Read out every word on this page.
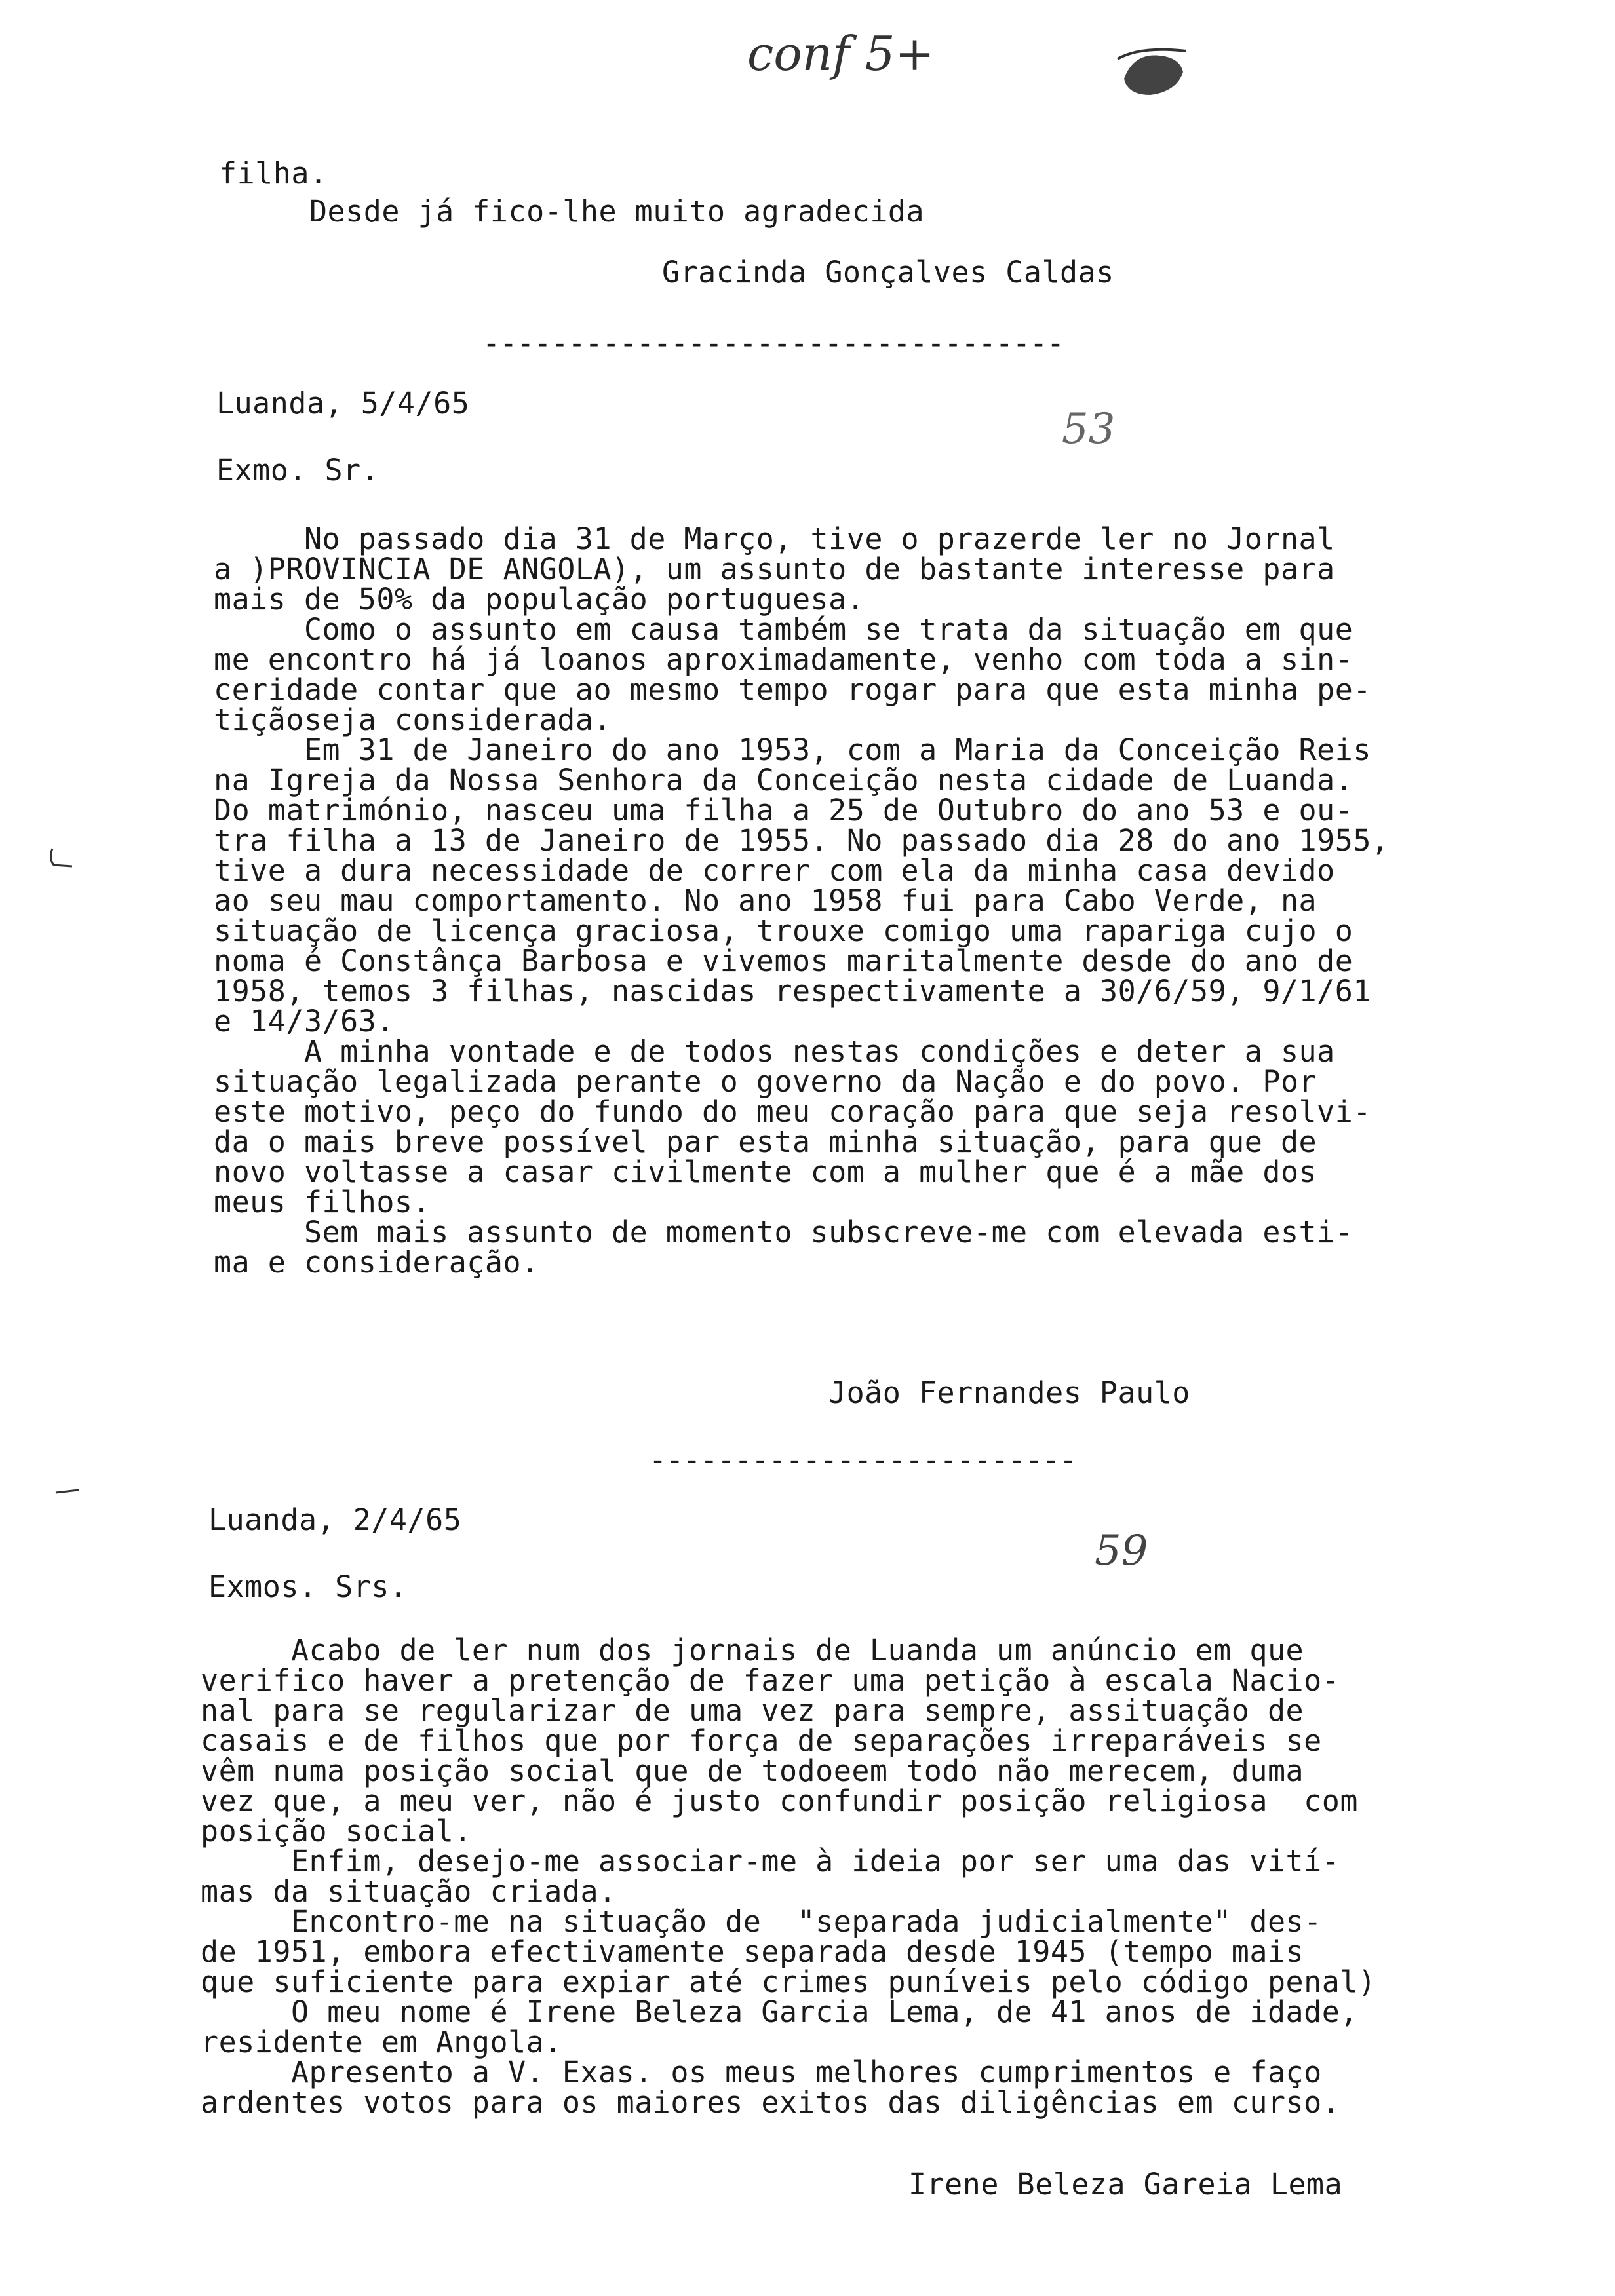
conf 5+
filha.
Desde já fico-lhe muito agradecida
Gracinda Gonçalves Caldas
----------------------------------
Luanda, 5/4/65
53
Exmo. Sr.
No passado dia 31 de Março, tive o prazerde ler no Jornal
a )PROVINCIA DE ANGOLA), um assunto de bastante interesse para
mais de 50% da população portuguesa.
Como o assunto em causa também se trata da situação em que
me encontro há já loanos aproximadamente, venho com toda a sin-
ceridade contar que ao mesmo tempo rogar para que esta minha pe-
tiçãoseja considerada.
Em 31 de Janeiro do ano 1953, com a Maria da Conceição Reis
na Igreja da Nossa Senhora da Conceição nesta cidade de Luanda.
Do matrimónio, nasceu uma filha a 25 de Outubro do ano 53 e ou-
tra filha a 13 de Janeiro de 1955. No passado dia 28 do ano 1955,
tive a dura necessidade de correr com ela da minha casa devido
ao seu mau comportamento. No ano 1958 fui para Cabo Verde, na
situação de licença graciosa, trouxe comigo uma rapariga cujo o
noma é Constânça Barbosa e vivemos maritalmente desde do ano de
1958, temos 3 filhas, nascidas respectivamente a 30/6/59, 9/1/61
e 14/3/63.
A minha vontade e de todos nestas condições e deter a sua
situação legalizada perante o governo da Nação e do povo. Por
este motivo, peço do fundo do meu coração para que seja resolvi-
da o mais breve possível par esta minha situação, para que de
novo voltasse a casar civilmente com a mulher que é a mãe dos
meus filhos.
Sem mais assunto de momento subscreve-me com elevada esti-
ma e consideração.
João Fernandes Paulo
-------------------------
Luanda, 2/4/65
59
Exmos. Srs.
Acabo de ler num dos jornais de Luanda um anúncio em que
verifico haver a pretenção de fazer uma petição à escala Nacio-
nal para se regularizar de uma vez para sempre, assituação de
casais e de filhos que por força de separações irreparáveis se
vêm numa posição social que de todoeem todo não merecem, duma
vez que, a meu ver, não é justo confundir posição religiosa  com
posição social.
Enfim, desejo-me associar-me à ideia por ser uma das vití-
mas da situação criada.
Encontro-me na situação de  "separada judicialmente" des-
de 1951, embora efectivamente separada desde 1945 (tempo mais
que suficiente para expiar até crimes puníveis pelo código penal)
O meu nome é Irene Beleza Garcia Lema, de 41 anos de idade,
residente em Angola.
Apresento a V. Exas. os meus melhores cumprimentos e faço
ardentes votos para os maiores exitos das diligências em curso.
Irene Beleza Gareia Lema
